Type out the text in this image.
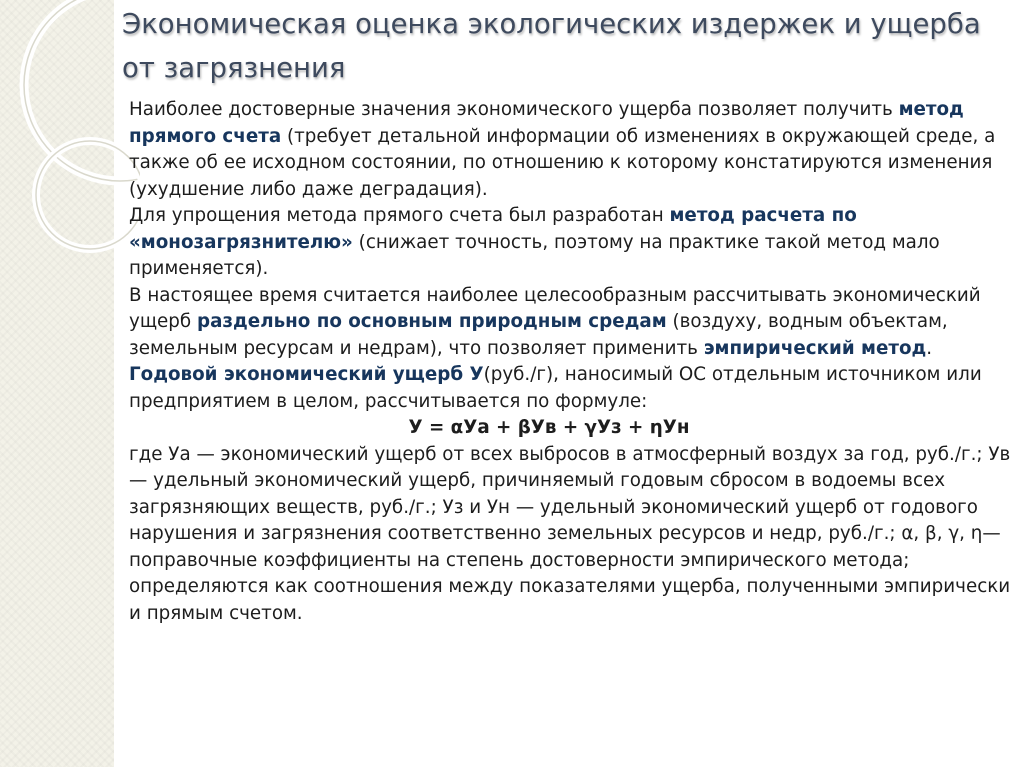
Экономическая оценка экологических издержек и ущерба от загрязнения

Наиболее достоверные значения экономического ущерба позволяет получить метод прямого счета (требует детальной информации об изменениях в окружающей среде, а также об ее исходном состоянии, по отношению к которому констатируются изменения (ухудшение либо даже деградация).

Для упрощения метода прямого счета был разработан метод расчета по «монозагрязнителю» (снижает точность, поэтому на практике такой метод мало применяется).

В настоящее время считается наиболее целесообразным рассчитывать экономический ущерб раздельно по основным природным средам (воздуху, водным объектам, земельным ресурсам и недрам), что позволяет применить эмпирический метод.

Годовой экономический ущерб У(руб./г), наносимый ОС отдельным источником или предприятием в целом, рассчитывается по формуле:

У = αУа + βУв + γУз + ηУн

где Уа — экономический ущерб от всех выбросов в атмосферный воздух за год, руб./г.; Ув — удельный экономический ущерб, причиняемый годовым сбросом в водоемы всех загрязняющих веществ, руб./г.; Уз и Ун — удельный экономический ущерб от годового нарушения и загрязнения соответственно земельных ресурсов и недр, руб./г.; α, β, γ, η— поправочные коэффициенты на степень достоверности эмпирического метода; определяются как соотношения между показателями ущерба, полученными эмпирически и прямым счетом.
